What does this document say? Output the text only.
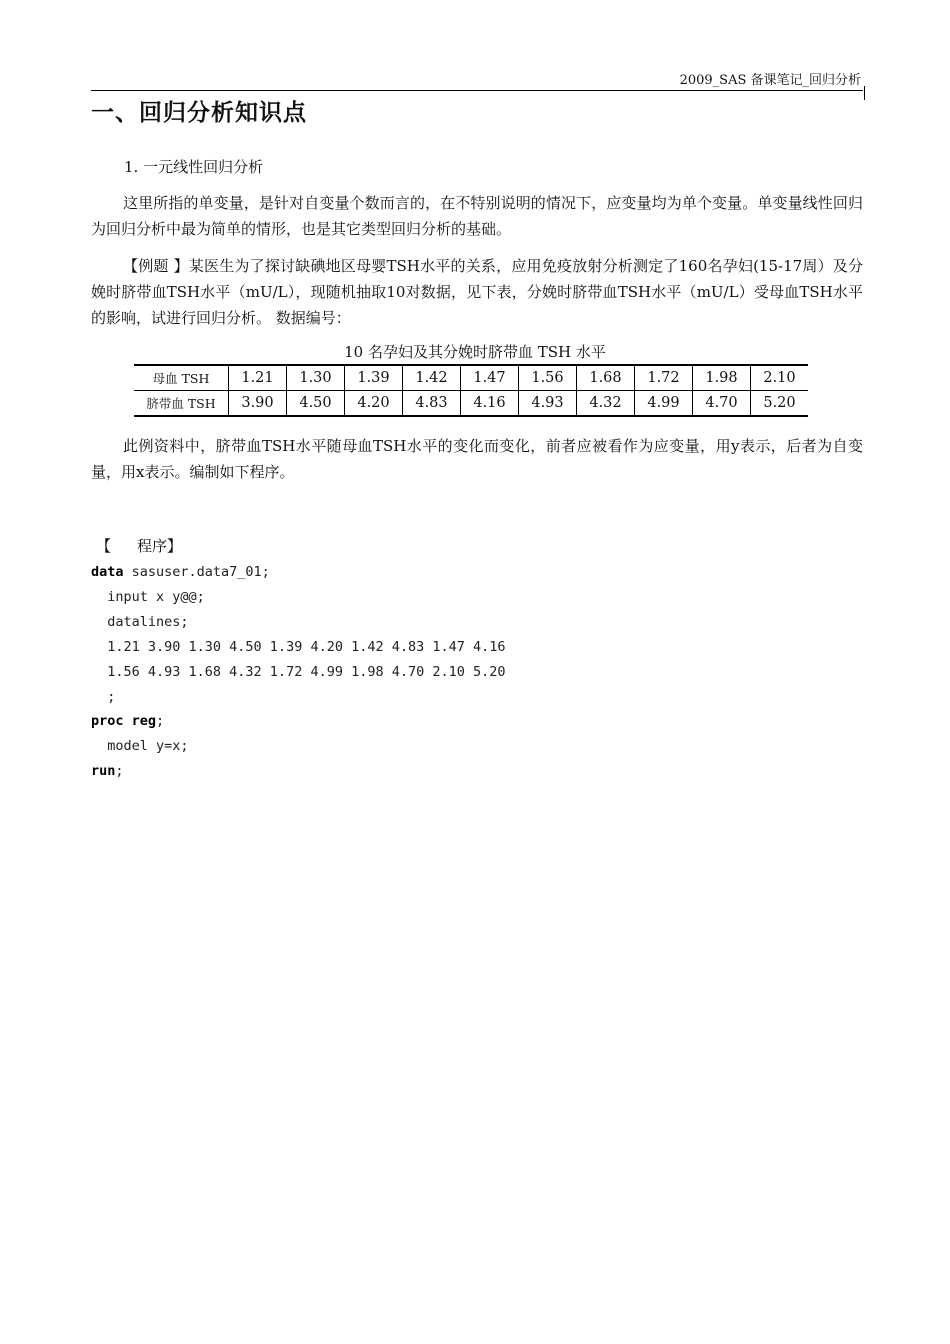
2009_SAS 备课笔记_回归分析
一、回归分析知识点
1. 一元线性回归分析
这里所指的单变量，是针对自变量个数而言的，在不特别说明的情况下，应变量均为单个变量。单变量线性回归为回归分析中最为简单的情形，也是其它类型回归分析的基础。
【例题 】某医生为了探讨缺碘地区母婴TSH水平的关系，应用免疫放射分析测定了160名孕妇(15-17周）及分娩时脐带血TSH水平（mU/L），现随机抽取10对数据，见下表，分娩时脐带血TSH水平（mU/L）受母血TSH水平的影响，试进行回归分析。 数据编号：
10 名孕妇及其分娩时脐带血 TSH 水平
母血 TSH	1.21	1.30	1.39	1.42	1.47	1.56	1.68	1.72	1.98	2.10
脐带血 TSH	3.90	4.50	4.20	4.83	4.16	4.93	4.32	4.99	4.70	5.20
此例资料中，脐带血TSH水平随母血TSH水平的变化而变化，前者应被看作为应变量，用y表示，后者为自变量，用x表示。编制如下程序。
【 程序】
data sasuser.data7_01;
input x y@@;
datalines;
1.21 3.90 1.30 4.50 1.39 4.20 1.42 4.83 1.47 4.16
1.56 4.93 1.68 4.32 1.72 4.99 1.98 4.70 2.10 5.20
;
proc reg;
model y=x;
run;
